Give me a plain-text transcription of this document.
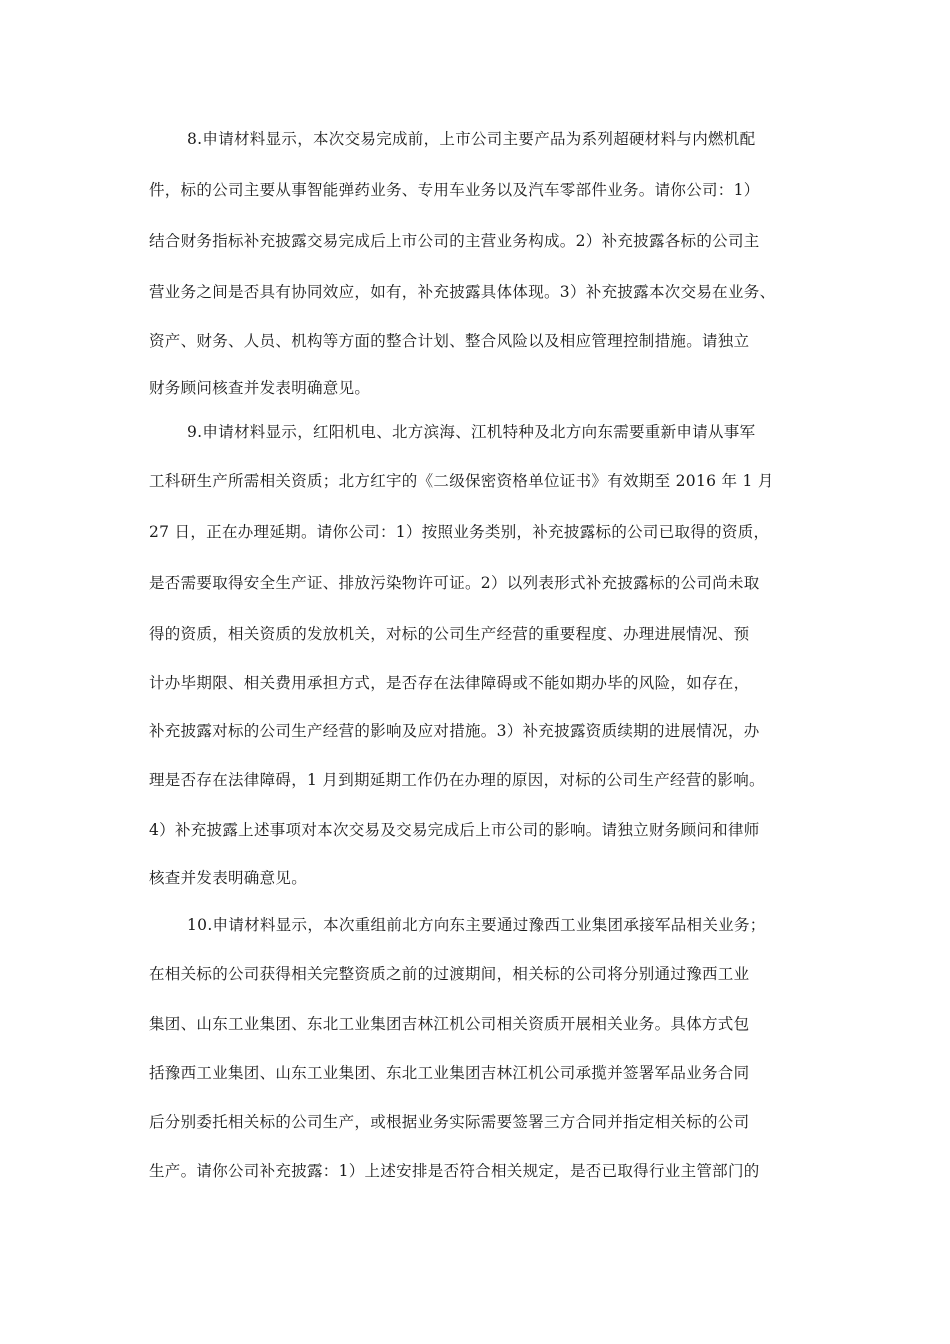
8.申请材料显示，本次交易完成前，上市公司主要产品为系列超硬材料与内燃机配
件，标的公司主要从事智能弹药业务、专用车业务以及汽车零部件业务。请你公司：1）
结合财务指标补充披露交易完成后上市公司的主营业务构成。2）补充披露各标的公司主
营业务之间是否具有协同效应，如有，补充披露具体体现。3）补充披露本次交易在业务、
资产、财务、人员、机构等方面的整合计划、整合风险以及相应管理控制措施。请独立
财务顾问核查并发表明确意见。
9.申请材料显示，红阳机电、北方滨海、江机特种及北方向东需要重新申请从事军
工科研生产所需相关资质；北方红宇的《二级保密资格单位证书》有效期至 2016 年 1 月
27 日，正在办理延期。请你公司：1）按照业务类别，补充披露标的公司已取得的资质，
是否需要取得安全生产证、排放污染物许可证。2）以列表形式补充披露标的公司尚未取
得的资质，相关资质的发放机关，对标的公司生产经营的重要程度、办理进展情况、预
计办毕期限、相关费用承担方式，是否存在法律障碍或不能如期办毕的风险，如存在，
补充披露对标的公司生产经营的影响及应对措施。3）补充披露资质续期的进展情况，办
理是否存在法律障碍，1 月到期延期工作仍在办理的原因，对标的公司生产经营的影响。
4）补充披露上述事项对本次交易及交易完成后上市公司的影响。请独立财务顾问和律师
核查并发表明确意见。
10.申请材料显示，本次重组前北方向东主要通过豫西工业集团承接军品相关业务；
在相关标的公司获得相关完整资质之前的过渡期间，相关标的公司将分别通过豫西工业
集团、山东工业集团、东北工业集团吉林江机公司相关资质开展相关业务。具体方式包
括豫西工业集团、山东工业集团、东北工业集团吉林江机公司承揽并签署军品业务合同
后分别委托相关标的公司生产，或根据业务实际需要签署三方合同并指定相关标的公司
生产。请你公司补充披露：1）上述安排是否符合相关规定，是否已取得行业主管部门的
